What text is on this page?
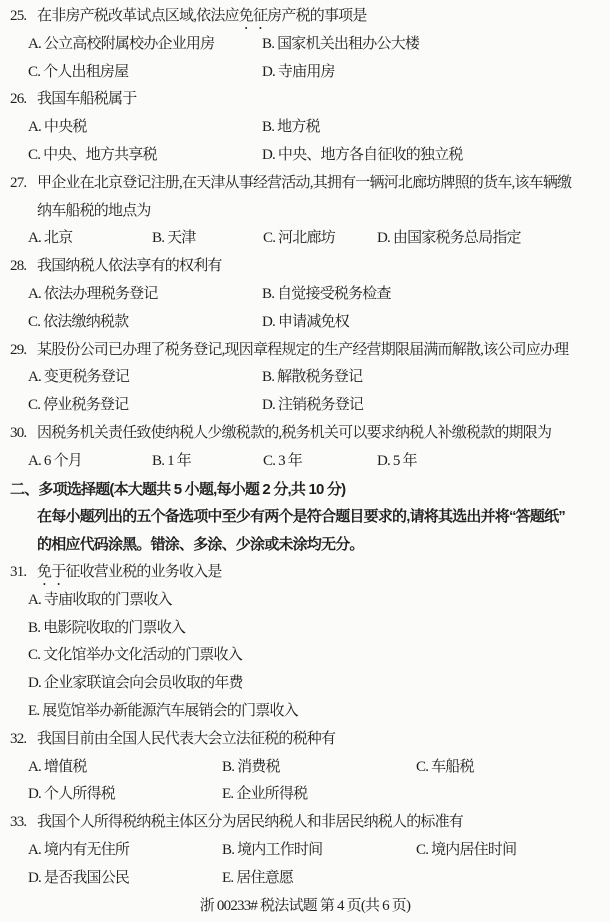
25. 在非房产税改革试点区域,依法应免征房产税的事项是
A. 公立高校附属校办企业用房	B. 国家机关出租办公大楼
C. 个人出租房屋	D. 寺庙用房
26. 我国车船税属于
A. 中央税	B. 地方税
C. 中央、地方共享税	D. 中央、地方各自征收的独立税
27. 甲企业在北京登记注册,在天津从事经营活动,其拥有一辆河北廊坊牌照的货车,该车辆缴
纳车船税的地点为
A. 北京	B. 天津	C. 河北廊坊	D. 由国家税务总局指定
28. 我国纳税人依法享有的权利有
A. 依法办理税务登记	B. 自觉接受税务检查
C. 依法缴纳税款	D. 申请减免权
29. 某股份公司已办理了税务登记,现因章程规定的生产经营期限届满而解散,该公司应办理
A. 变更税务登记	B. 解散税务登记
C. 停业税务登记	D. 注销税务登记
30. 因税务机关责任致使纳税人少缴税款的,税务机关可以要求纳税人补缴税款的期限为
A. 6 个月	B. 1 年	C. 3 年	D. 5 年
二、多项选择题(本大题共 5 小题,每小题 2 分,共 10 分)
在每小题列出的五个备选项中至少有两个是符合题目要求的,请将其选出并将“答题纸”
的相应代码涂黑。错涂、多涂、少涂或未涂均无分。
31. 免于征收营业税的业务收入是
A. 寺庙收取的门票收入
B. 电影院收取的门票收入
C. 文化馆举办文化活动的门票收入
D. 企业家联谊会向会员收取的年费
E. 展览馆举办新能源汽车展销会的门票收入
32. 我国目前由全国人民代表大会立法征税的税种有
A. 增值税	B. 消费税	C. 车船税
D. 个人所得税	E. 企业所得税
33. 我国个人所得税纳税主体区分为居民纳税人和非居民纳税人的标准有
A. 境内有无住所	B. 境内工作时间	C. 境内居住时间
D. 是否我国公民	E. 居住意愿
浙 00233# 税法试题 第 4 页(共 6 页)
